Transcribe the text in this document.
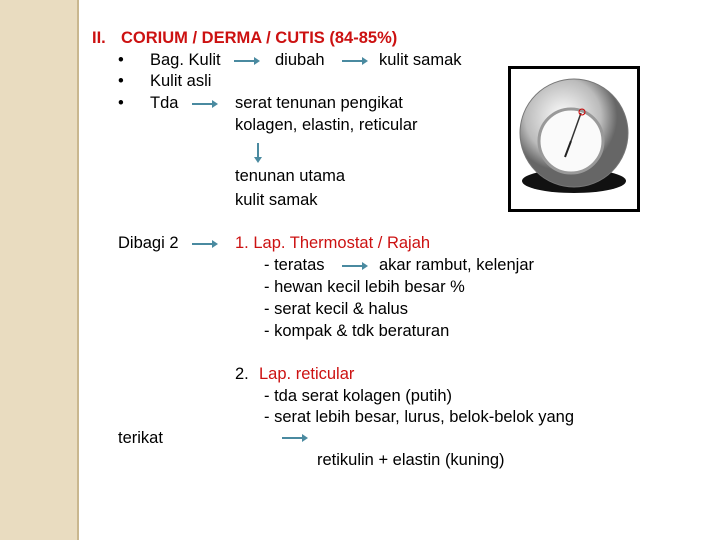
II. CORIUM / DERMA / CUTIS (84-85%)
• Bag. Kulit	diubah	kulit samak
• Kulit asli
• Tda	serat tenunan pengikat
kolagen, elastin, reticular
tenunan utama
kulit samak
Dibagi 2	1. Lap. Thermostat / Rajah
- teratas	akar rambut, kelenjar
- hewan kecil lebih besar %
- serat kecil & halus
- kompak & tdk beraturan
2. Lap. reticular
- tda serat kolagen (putih)
- serat lebih besar, lurus, belok-belok yang
terikat
retikulin + elastin (kuning)
